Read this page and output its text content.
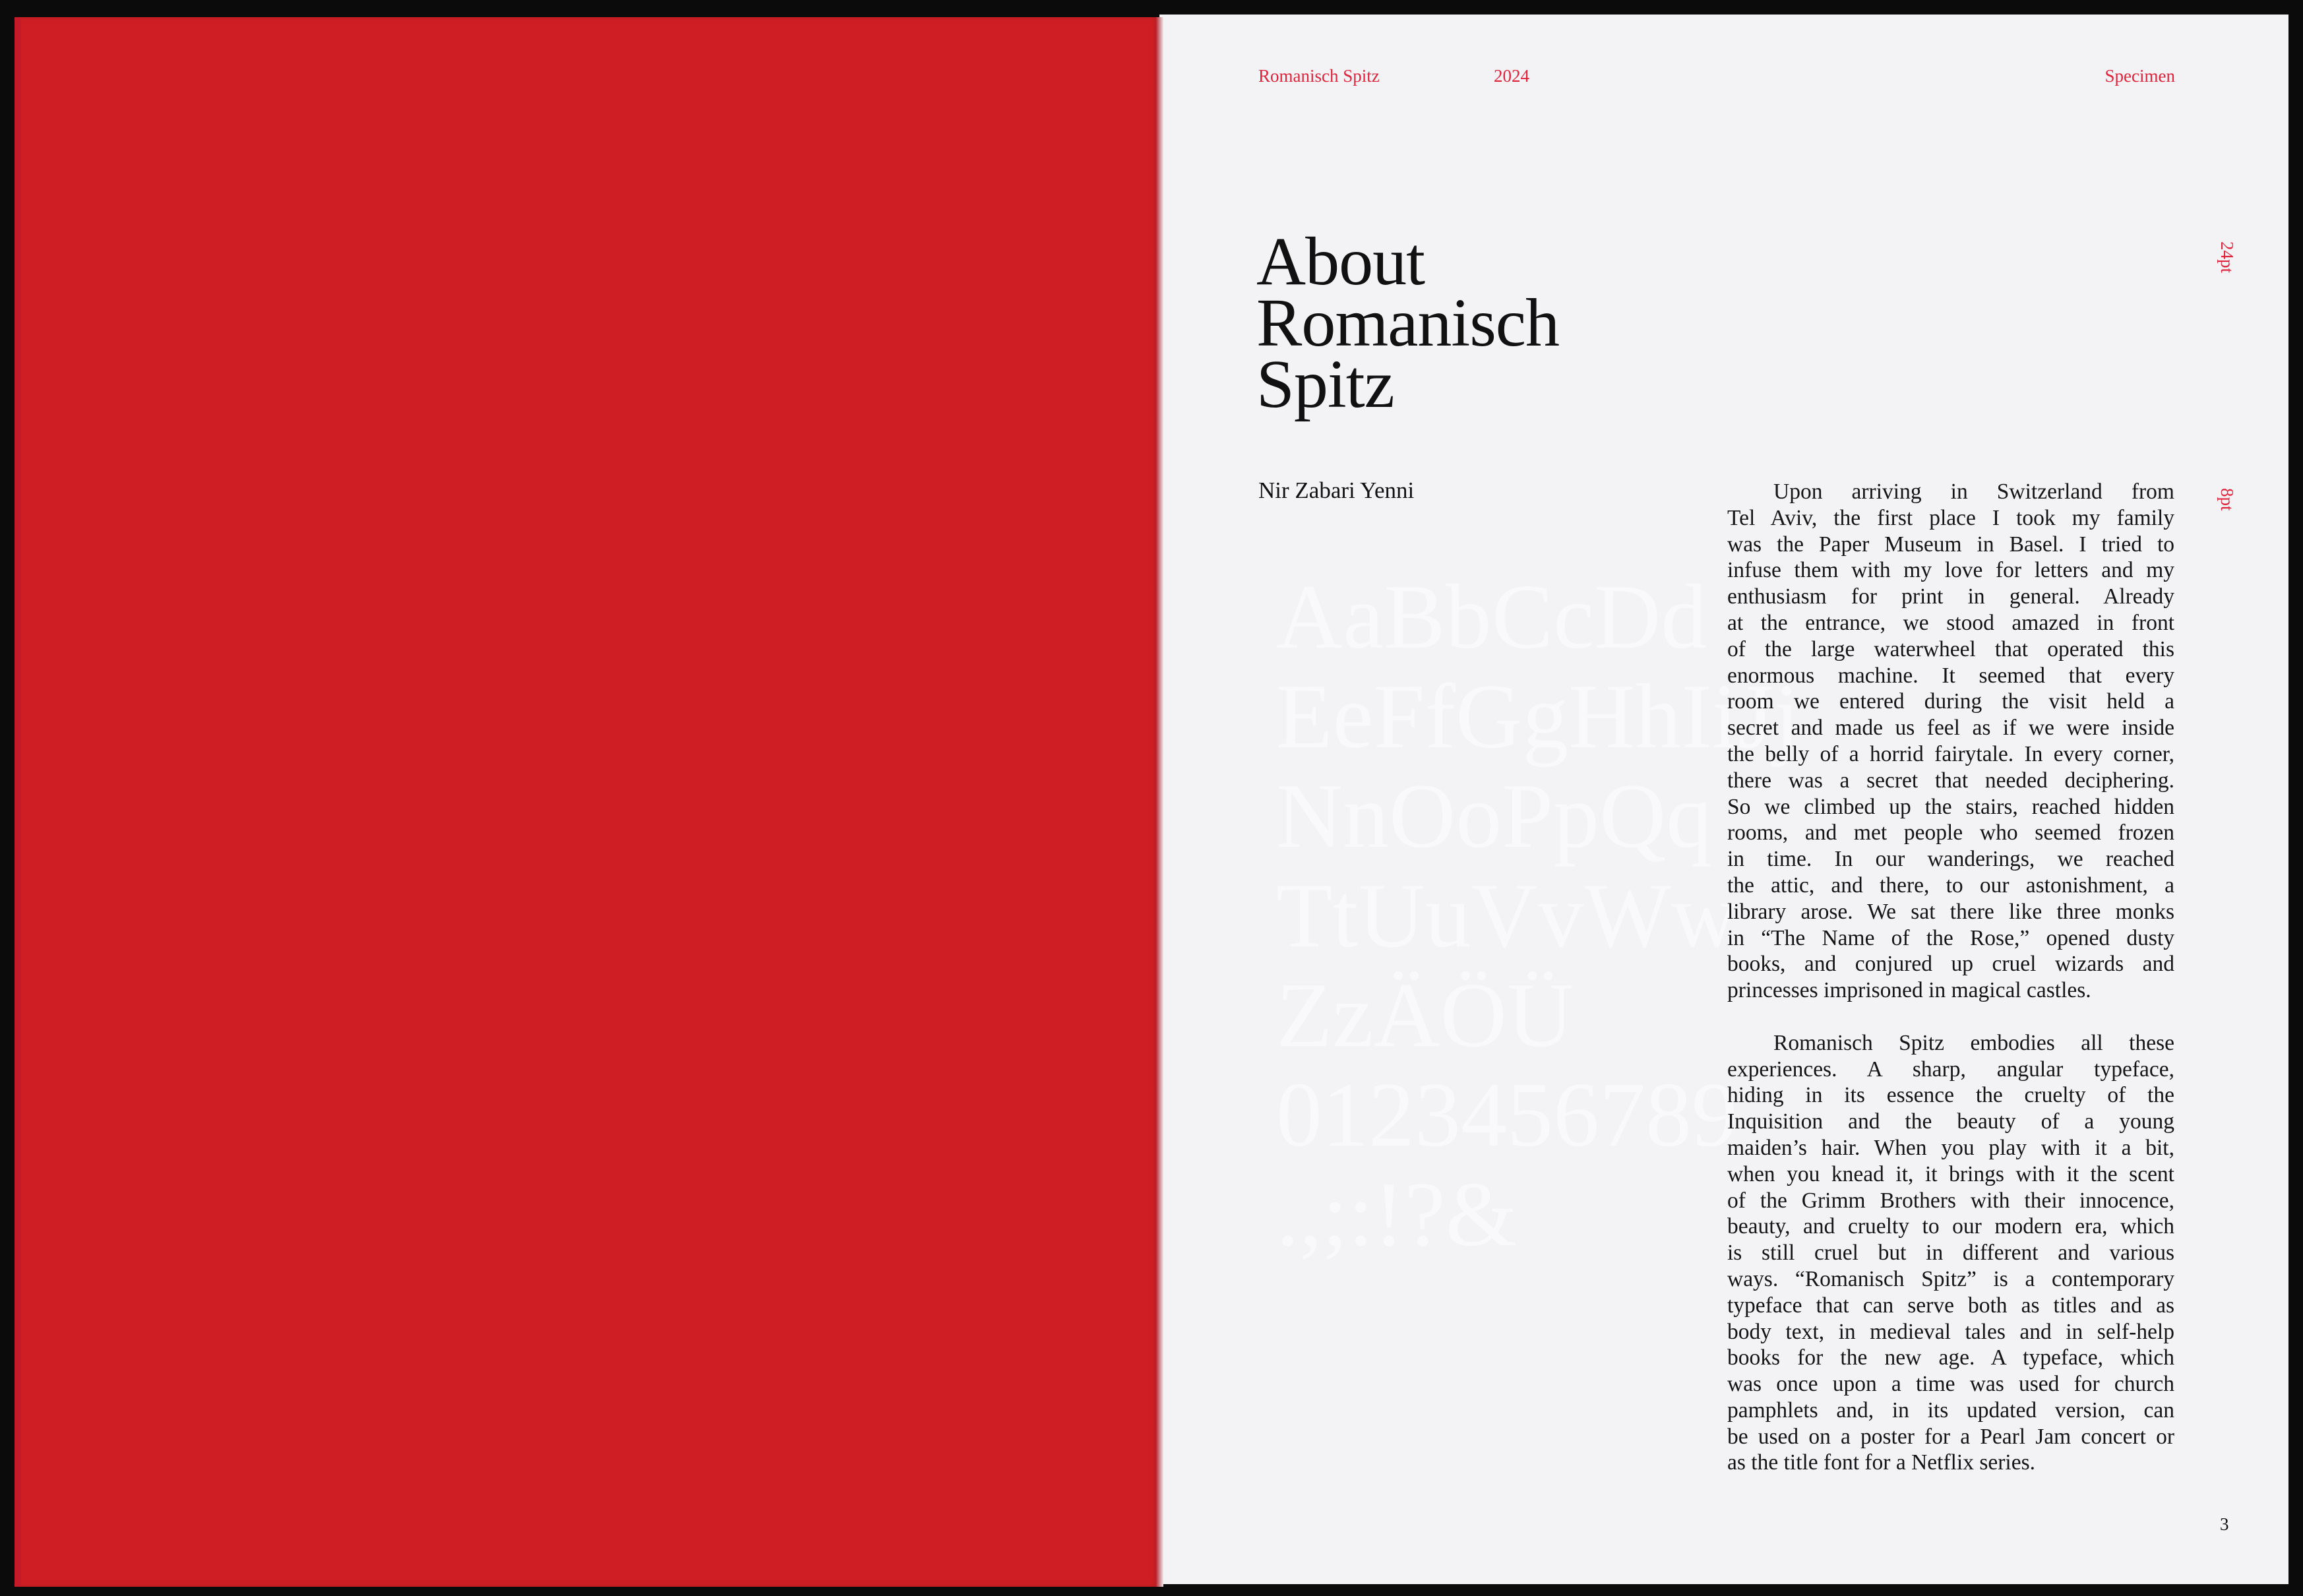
AaBbCcDd
EeFfGgHhIiJj
NnOoPpQq
TtUuVvWw
ZzÄÖÜ
0123456789
.,;:!?&
Romanisch Spitz	2024	Specimen
About
Romanisch
Spitz
24pt
8pt
Nir Zabari Yenni	Upon arriving in Switzerland from
Tel Aviv, the first place I took my family
was the Paper Museum in Basel. I tried to
infuse them with my love for letters and my
enthusiasm for print in general. Already
at the entrance, we stood amazed in front
of the large waterwheel that operated this
enormous machine. It seemed that every
room we entered during the visit held a
secret and made us feel as if we were inside
the belly of a horrid fairytale. In every corner,
there was a secret that needed deciphering.
So we climbed up the stairs, reached hidden
rooms, and met people who seemed frozen
in time. In our wanderings, we reached
the attic, and there, to our astonishment, a
library arose. We sat there like three monks
in “The Name of the Rose,” opened dusty
books, and conjured up cruel wizards and
princesses imprisoned in magical castles.
Romanisch Spitz embodies all these
experiences. A sharp, angular typeface,
hiding in its essence the cruelty of the
Inquisition and the beauty of a young
maiden’s hair. When you play with it a bit,
when you knead it, it brings with it the scent
of the Grimm Brothers with their innocence,
beauty, and cruelty to our modern era, which
is still cruel but in different and various
ways. “Romanisch Spitz” is a contemporary
typeface that can serve both as titles and as
body text, in medieval tales and in self-help
books for the new age. A typeface, which
was once upon a time was used for church
pamphlets and, in its updated version, can
be used on a poster for a Pearl Jam concert or
as the title font for a Netflix series.
3
